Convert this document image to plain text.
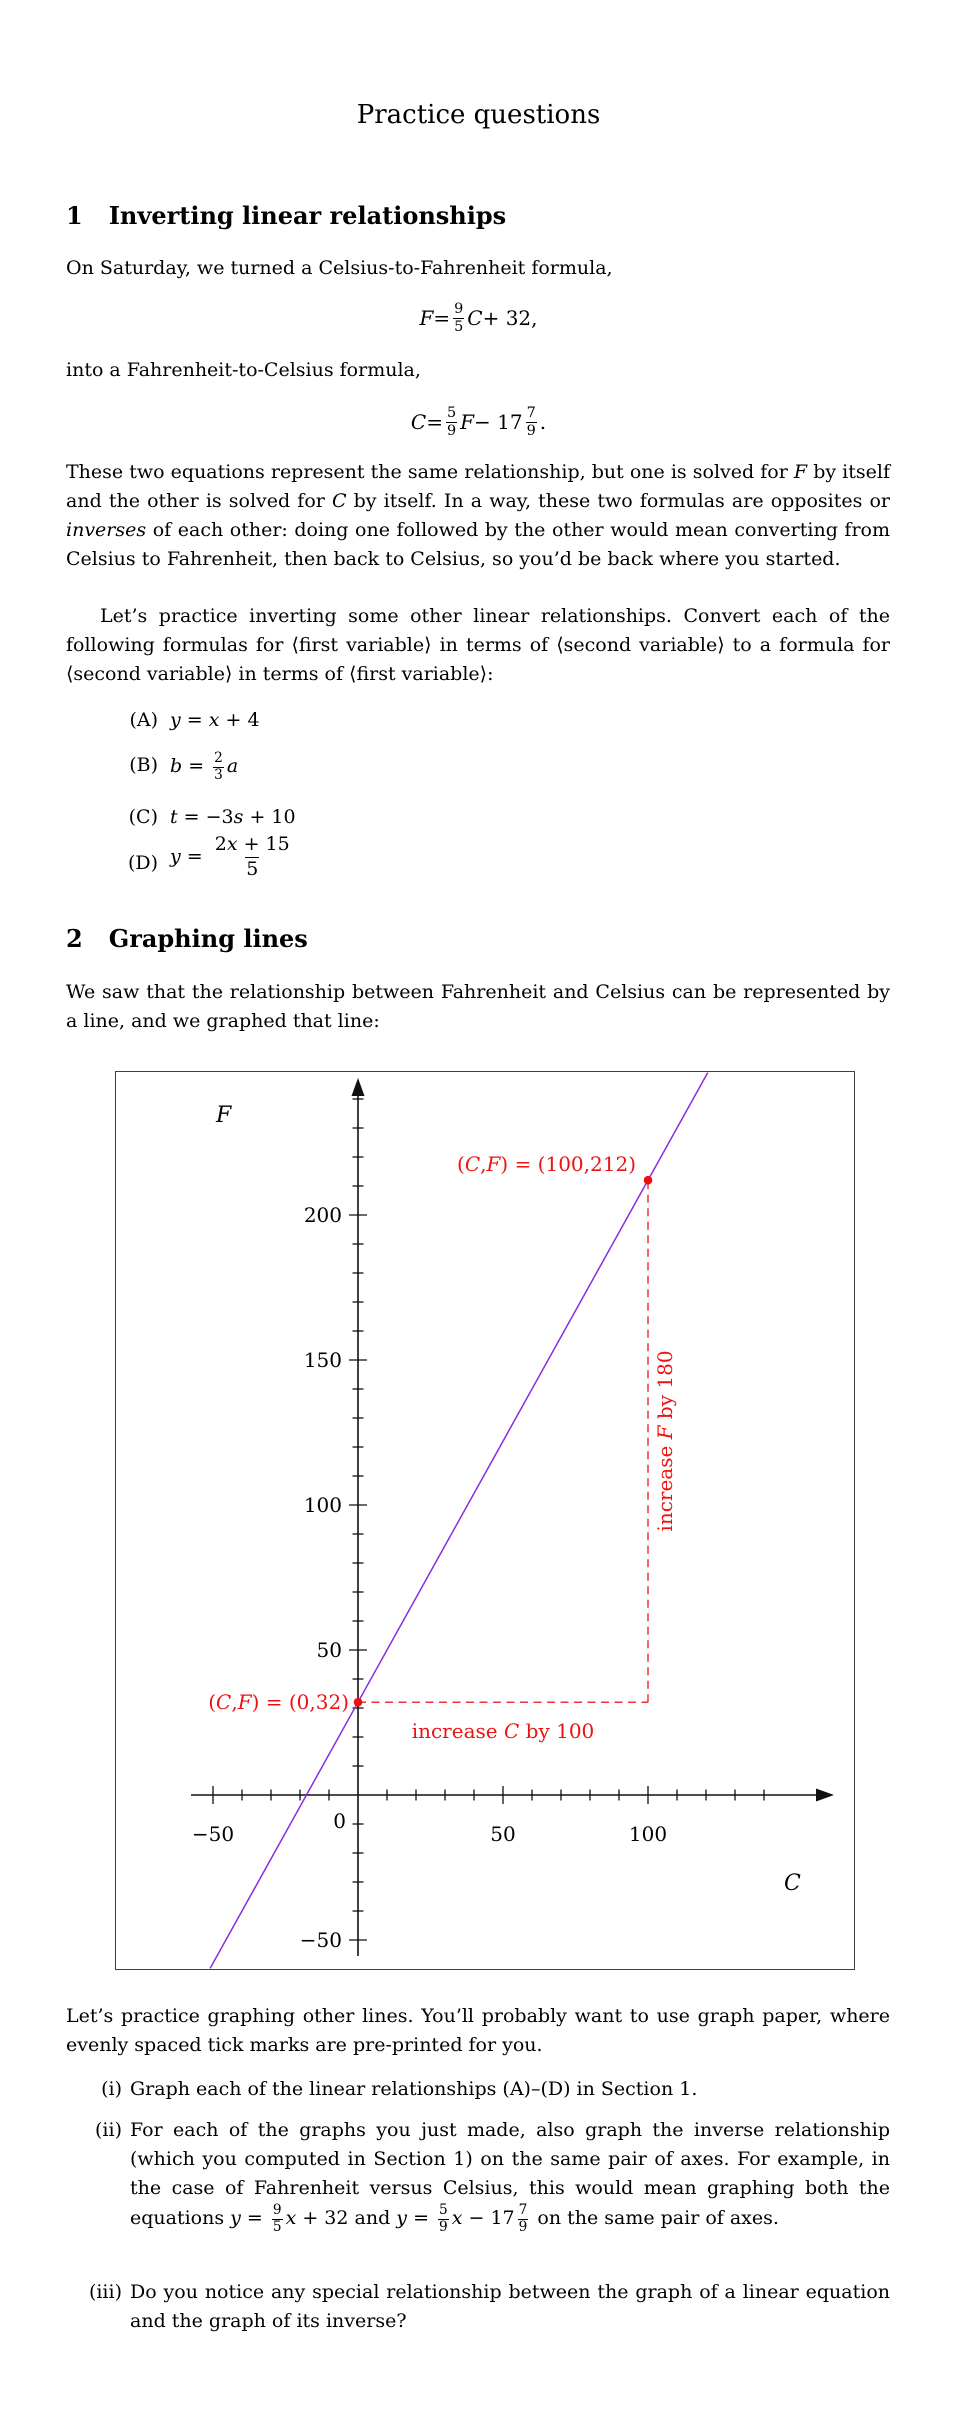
Practice questions
1 Inverting linear relationships
On Saturday, we turned a Celsius-to-Fahrenheit formula,
$F = \frac{9}{5}$ C + 32,
into a Fahrenheit-to-Celsius formula,
$C = \frac{5}{9}$ $F - 17 \frac{7}{9}$ .
These two equations represent the same relationship, but one is solved for F by itself and the other is solved for C by itself. In a way, these two formulas are opposites or inverses of each other: doing one followed by the other would mean converting from Celsius to Fahrenheit, then back to Celsius, so you’d be back where you started.
Let’s practice inverting some other linear relationships. Convert each of the following formulas for ⟨first variable⟩ in terms of ⟨second variable⟩ to a formula for ⟨second variable⟩ in terms of ⟨first variable⟩:
(A) y = x + 4
(B) $b = \frac{2}{3}$ a
(C) t = −3s + 10
(D) $y = \frac{2x + 15}{5}$
2 Graphing lines
We saw that the relationship between Fahrenheit and Celsius can be represented by a line, and we graphed that line:
−50	50	100
200
150
100
50
−50
0
F
C
(C,F) = (100,212)
(C,F) = (0,32)
increase C by 100
increase F by 180
Let’s practice graphing other lines. You’ll probably want to use graph paper, where evenly spaced tick marks are pre-printed for you.
(i) Graph each of the linear relationships (A)–(D) in Section 1.
(ii) For each of the graphs you just made, also graph the inverse relationship (which you computed in Section 1) on the same pair of axes. For example, in the case of Fahrenheit versus Celsius, this would mean graphing both the equations $y = \frac{9}{5}$ x + 32 and $y = \frac{5}{9}$ $x - 17 \frac{7}{9}$ on the same pair of axes.
(iii) Do you notice any special relationship between the graph of a linear equation and the graph of its inverse?
